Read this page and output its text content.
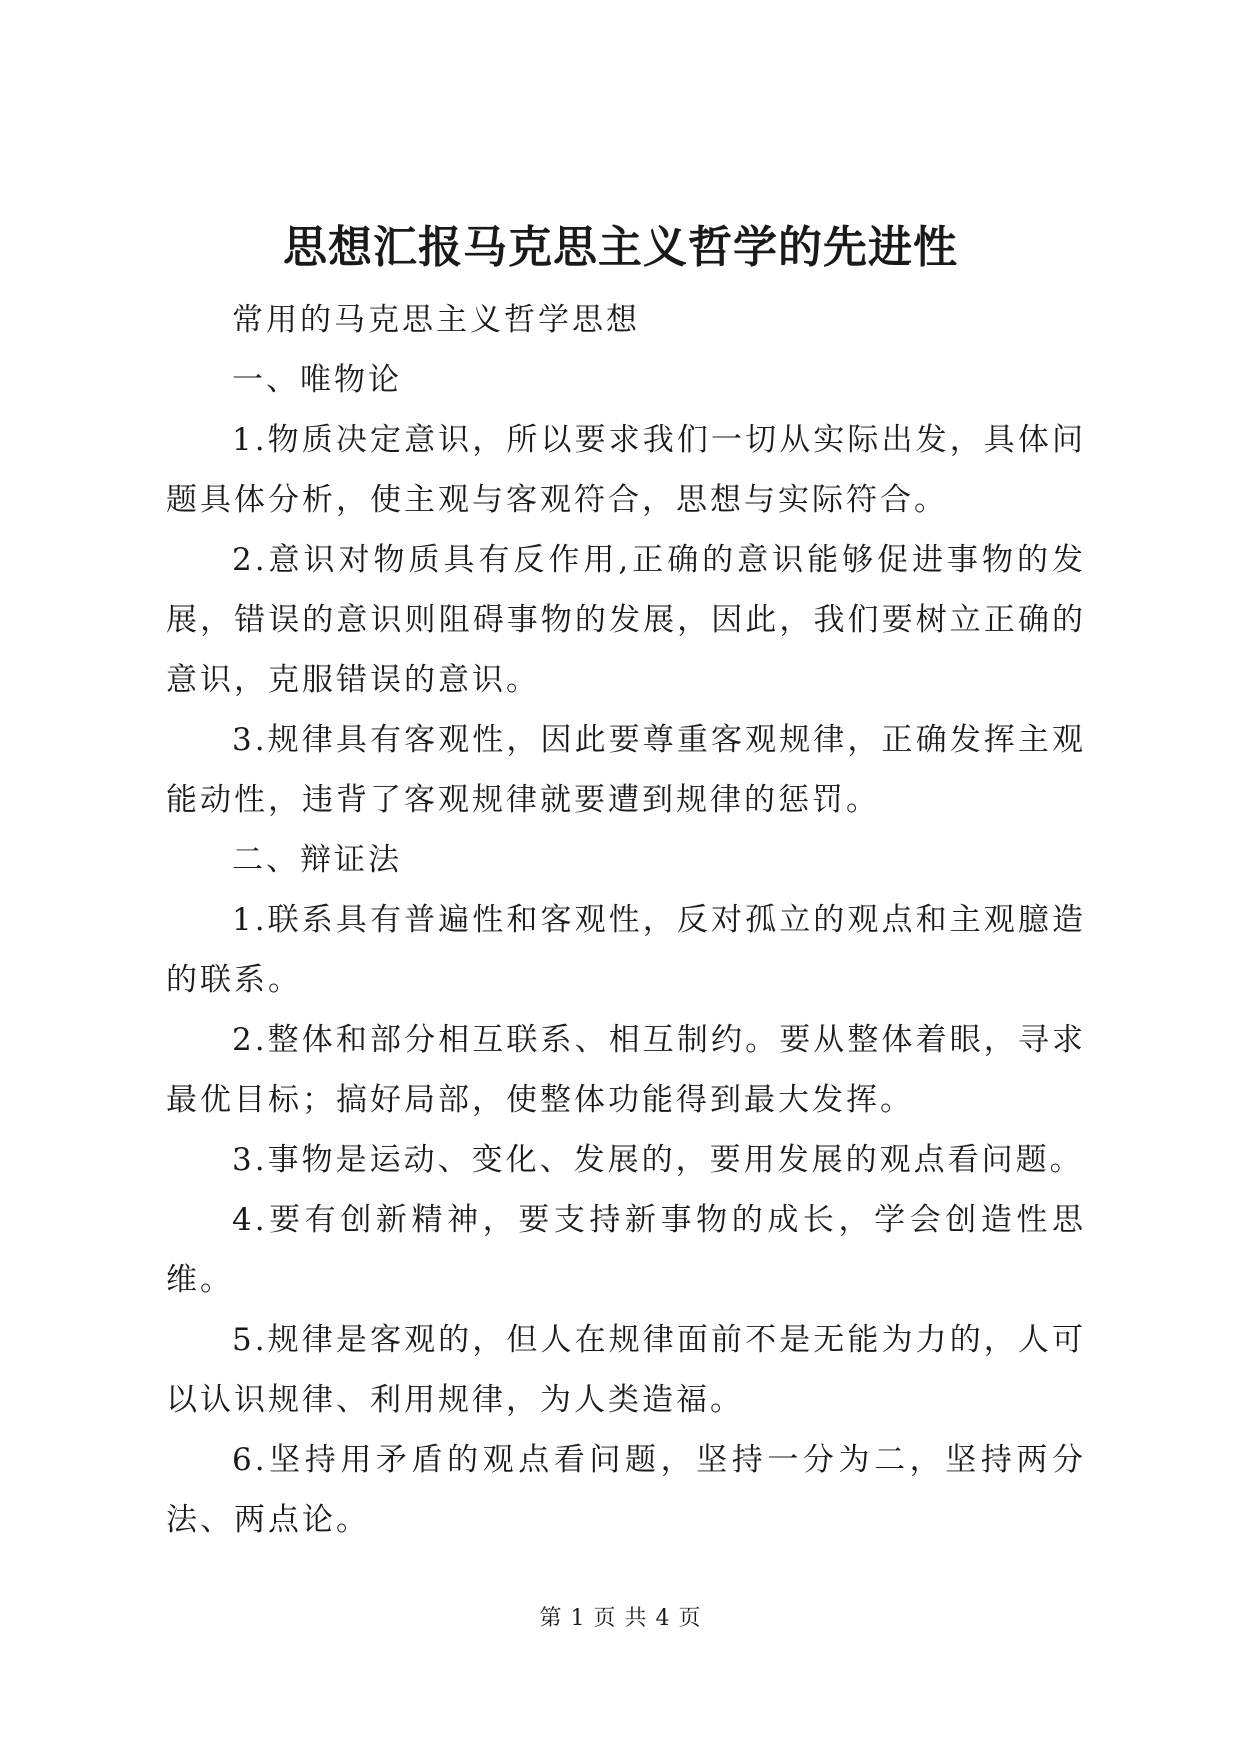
思想汇报马克思主义哲学的先进性

常用的马克思主义哲学思想

一、唯物论

1.物质决定意识，所以要求我们一切从实际出发，具体问题具体分析，使主观与客观符合，思想与实际符合。

2.意识对物质具有反作用,正确的意识能够促进事物的发展，错误的意识则阻碍事物的发展，因此，我们要树立正确的意识，克服错误的意识。

3.规律具有客观性，因此要尊重客观规律，正确发挥主观能动性，违背了客观规律就要遭到规律的惩罚。

二、辩证法

1.联系具有普遍性和客观性，反对孤立的观点和主观臆造的联系。

2.整体和部分相互联系、相互制约。要从整体着眼，寻求最优目标；搞好局部，使整体功能得到最大发挥。

3.事物是运动、变化、发展的，要用发展的观点看问题。

4.要有创新精神，要支持新事物的成长，学会创造性思维。

5.规律是客观的，但人在规律面前不是无能为力的，人可以认识规律、利用规律，为人类造福。

6.坚持用矛盾的观点看问题，坚持一分为二，坚持两分法、两点论。

第 1 页 共 4 页
